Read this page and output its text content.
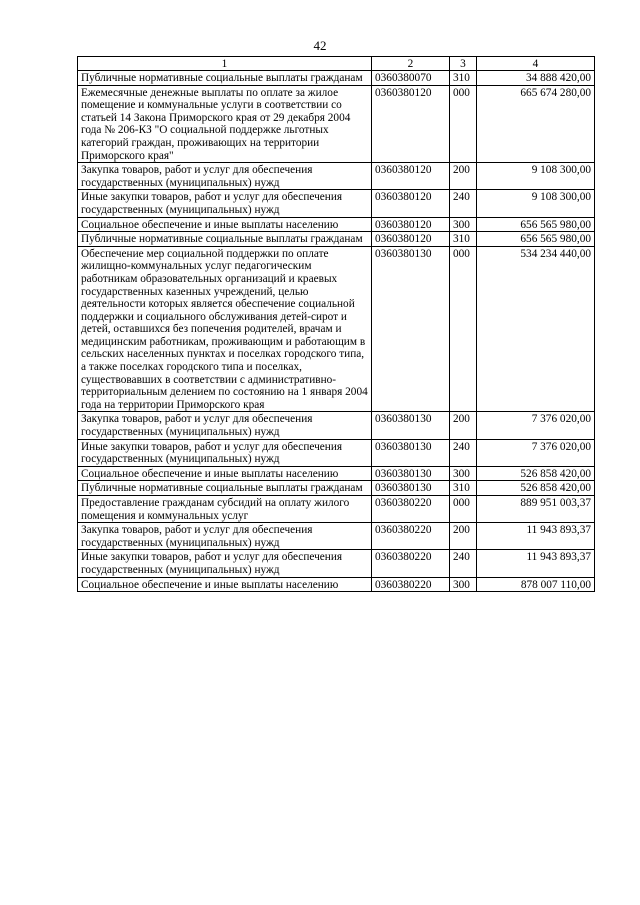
42
1	2	3	4
Публичные нормативные социальные выплаты гражданам	0360380070	310	34 888 420,00
Ежемесячные денежные выплаты по оплате за жилое помещение и коммунальные услуги в соответствии со статьей 14 Закона Приморского края от 29 декабря 2004 года № 206-КЗ "О социальной поддержке льготных категорий граждан, проживающих на территории Приморского края"	0360380120	000	665 674 280,00
Закупка товаров, работ и услуг для обеспечения государственных (муниципальных) нужд	0360380120	200	9 108 300,00
Иные закупки товаров, работ и услуг для обеспечения государственных (муниципальных) нужд	0360380120	240	9 108 300,00
Социальное обеспечение и иные выплаты населению	0360380120	300	656 565 980,00
Публичные нормативные социальные выплаты гражданам	0360380120	310	656 565 980,00
Обеспечение мер социальной поддержки по оплате жилищно-коммунальных услуг педагогическим работникам образовательных организаций и краевых государственных казенных учреждений, целью деятельности которых является обеспечение социальной поддержки и социального обслуживания детей-сирот и детей, оставшихся без попечения родителей, врачам и медицинским работникам, проживающим и работающим в сельских населенных пунктах и поселках городского типа, а также поселках городского типа и поселках, существовавших в соответствии с административно-территориальным делением по состоянию на 1 января 2004 года на территории Приморского края	0360380130	000	534 234 440,00
Закупка товаров, работ и услуг для обеспечения государственных (муниципальных) нужд	0360380130	200	7 376 020,00
Иные закупки товаров, работ и услуг для обеспечения государственных (муниципальных) нужд	0360380130	240	7 376 020,00
Социальное обеспечение и иные выплаты населению	0360380130	300	526 858 420,00
Публичные нормативные социальные выплаты гражданам	0360380130	310	526 858 420,00
Предоставление гражданам субсидий на оплату жилого помещения и коммунальных услуг	0360380220	000	889 951 003,37
Закупка товаров, работ и услуг для обеспечения государственных (муниципальных) нужд	0360380220	200	11 943 893,37
Иные закупки товаров, работ и услуг для обеспечения государственных (муниципальных) нужд	0360380220	240	11 943 893,37
Социальное обеспечение и иные выплаты населению	0360380220	300	878 007 110,00
